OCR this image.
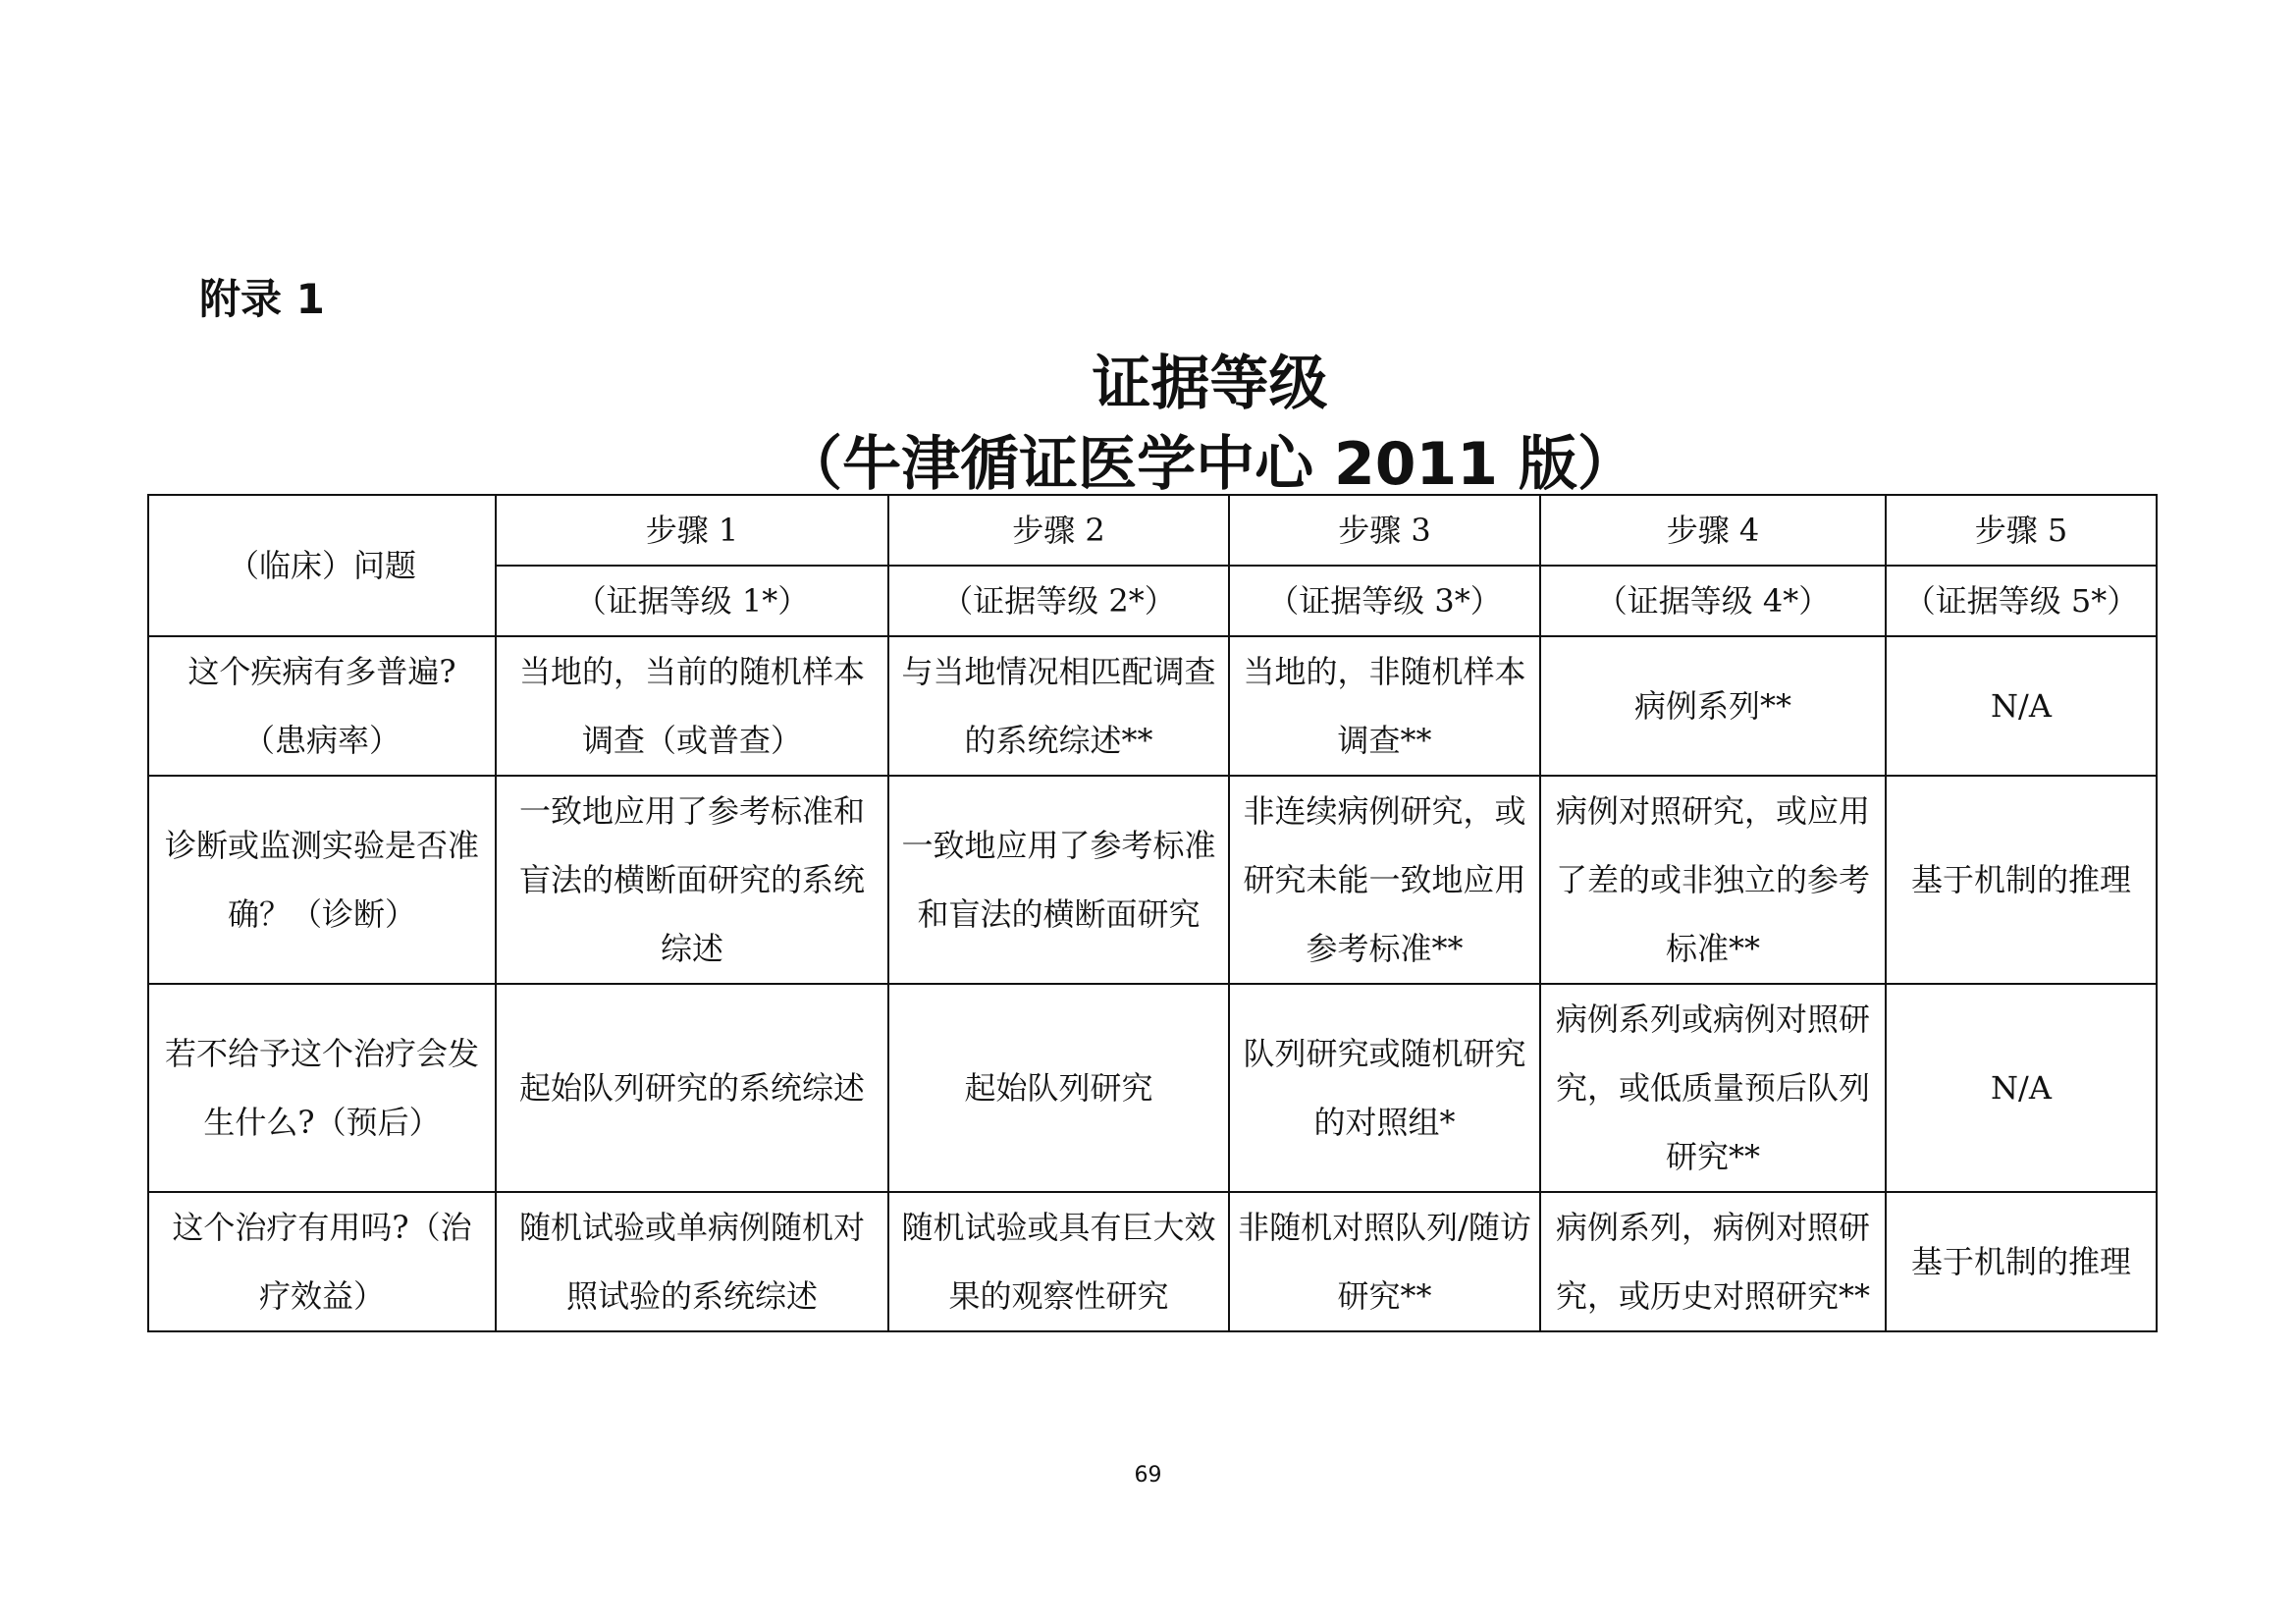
附录 1
证据等级
（牛津循证医学中心 2011 版）
（临床）问题	步骤 1	步骤 2	步骤 3	步骤 4	步骤 5
	（证据等级 1*）	（证据等级 2*）	（证据等级 3*）	（证据等级 4*）	（证据等级 5*）
这个疾病有多普遍?（患病率）	当地的，当前的随机样本调查（或普查）	与当地情况相匹配调查的系统综述**	当地的，非随机样本调查**	病例系列**	N/A
诊断或监测实验是否准确？（诊断）	一致地应用了参考标准和盲法的横断面研究的系统综述	一致地应用了参考标准和盲法的横断面研究	非连续病例研究，或研究未能一致地应用参考标准**	病例对照研究，或应用了差的或非独立的参考标准**	基于机制的推理
若不给予这个治疗会发生什么?（预后）	起始队列研究的系统综述	起始队列研究	队列研究或随机研究的对照组*	病例系列或病例对照研究，或低质量预后队列研究**	N/A
这个治疗有用吗?（治疗效益）	随机试验或单病例随机对照试验的系统综述	随机试验或具有巨大效果的观察性研究	非随机对照队列/随访研究**	病例系列，病例对照研究，或历史对照研究**	基于机制的推理
69
